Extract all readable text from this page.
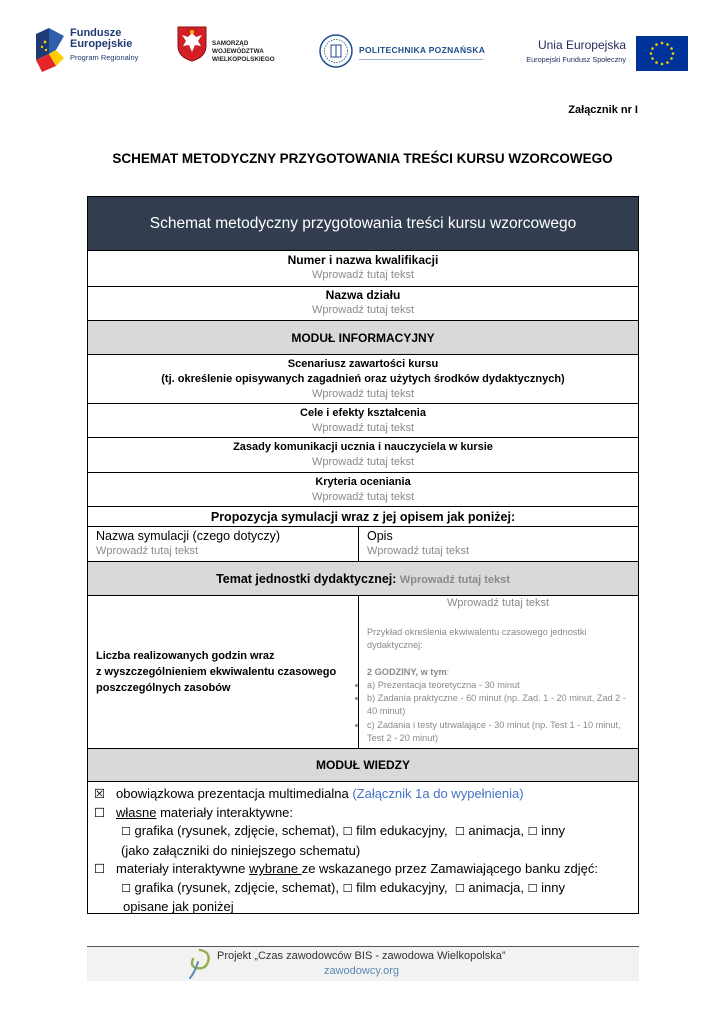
Fundusze
Europejskie
Program Regionalny
SAMORZĄD WOJEWÓDZTWA
WIELKOPOLSKIEGO
POLITECHNIKA POZNAŃSKA	Unia Europejska
Europejski Fundusz Społeczny
Załącznik nr I
SCHEMAT METODYCZNY PRZYGOTOWANIA TREŚCI KURSU WZORCOWEGO
Schemat metodyczny przygotowania treści kursu wzorcowego
Numer i nazwa kwalifikacji
Wprowadź tutaj tekst
Nazwa działu
Wprowadź tutaj tekst
MODUŁ INFORMACYJNY
Scenariusz zawartości kursu
(tj. określenie opisywanych zagadnień oraz użytych środków dydaktycznych)
Wprowadź tutaj tekst
Cele i efekty kształcenia
Wprowadź tutaj tekst
Zasady komunikacji ucznia i nauczyciela w kursie
Wprowadź tutaj tekst
Kryteria oceniania
Wprowadź tutaj tekst
Propozycja symulacji wraz z jej opisem jak poniżej:
Nazwa symulacji (czego dotyczy)
Wprowadź tutaj tekst
Opis
Wprowadź tutaj tekst
Temat jednostki dydaktycznej: Wprowadź tutaj tekst
Liczba realizowanych godzin wraz
z wyszczególnieniem ekwiwalentu czasowego
poszczególnych zasobów
Wprowadź tutaj tekst
Przykład określenia ekwiwalentu czasowego jednostki dydaktycznej:
2 GODZINY, w tym:
• a) Prezentacja teoretyczna - 30 minut
• b) Zadania praktyczne - 60 minut (np. Zad. 1 - 20 minut, Zad 2 - 40 minut)
• c) Zadania i testy utrwalające - 30 minut (np. Test 1 - 10 minut, Test 2 - 20 minut)
MODUŁ WIEDZY
☒ obowiązkowa prezentacja multimedialna (Załącznik 1a do wypełnienia)
☐ własne materiały interaktywne:
☐ grafika (rysunek, zdjęcie, schemat), ☐ film edukacyjny, ☐ animacja, ☐ inny
(jako załączniki do niniejszego schematu)
☐ materiały interaktywne wybrane ze wskazanego przez Zamawiającego banku zdjęć:
☐ grafika (rysunek, zdjęcie, schemat), ☐ film edukacyjny, ☐ animacja, ☐ inny
opisane jak poniżej
Projekt „Czas zawodowców BIS - zawodowa Wielkopolska”
zawodowcy.org
